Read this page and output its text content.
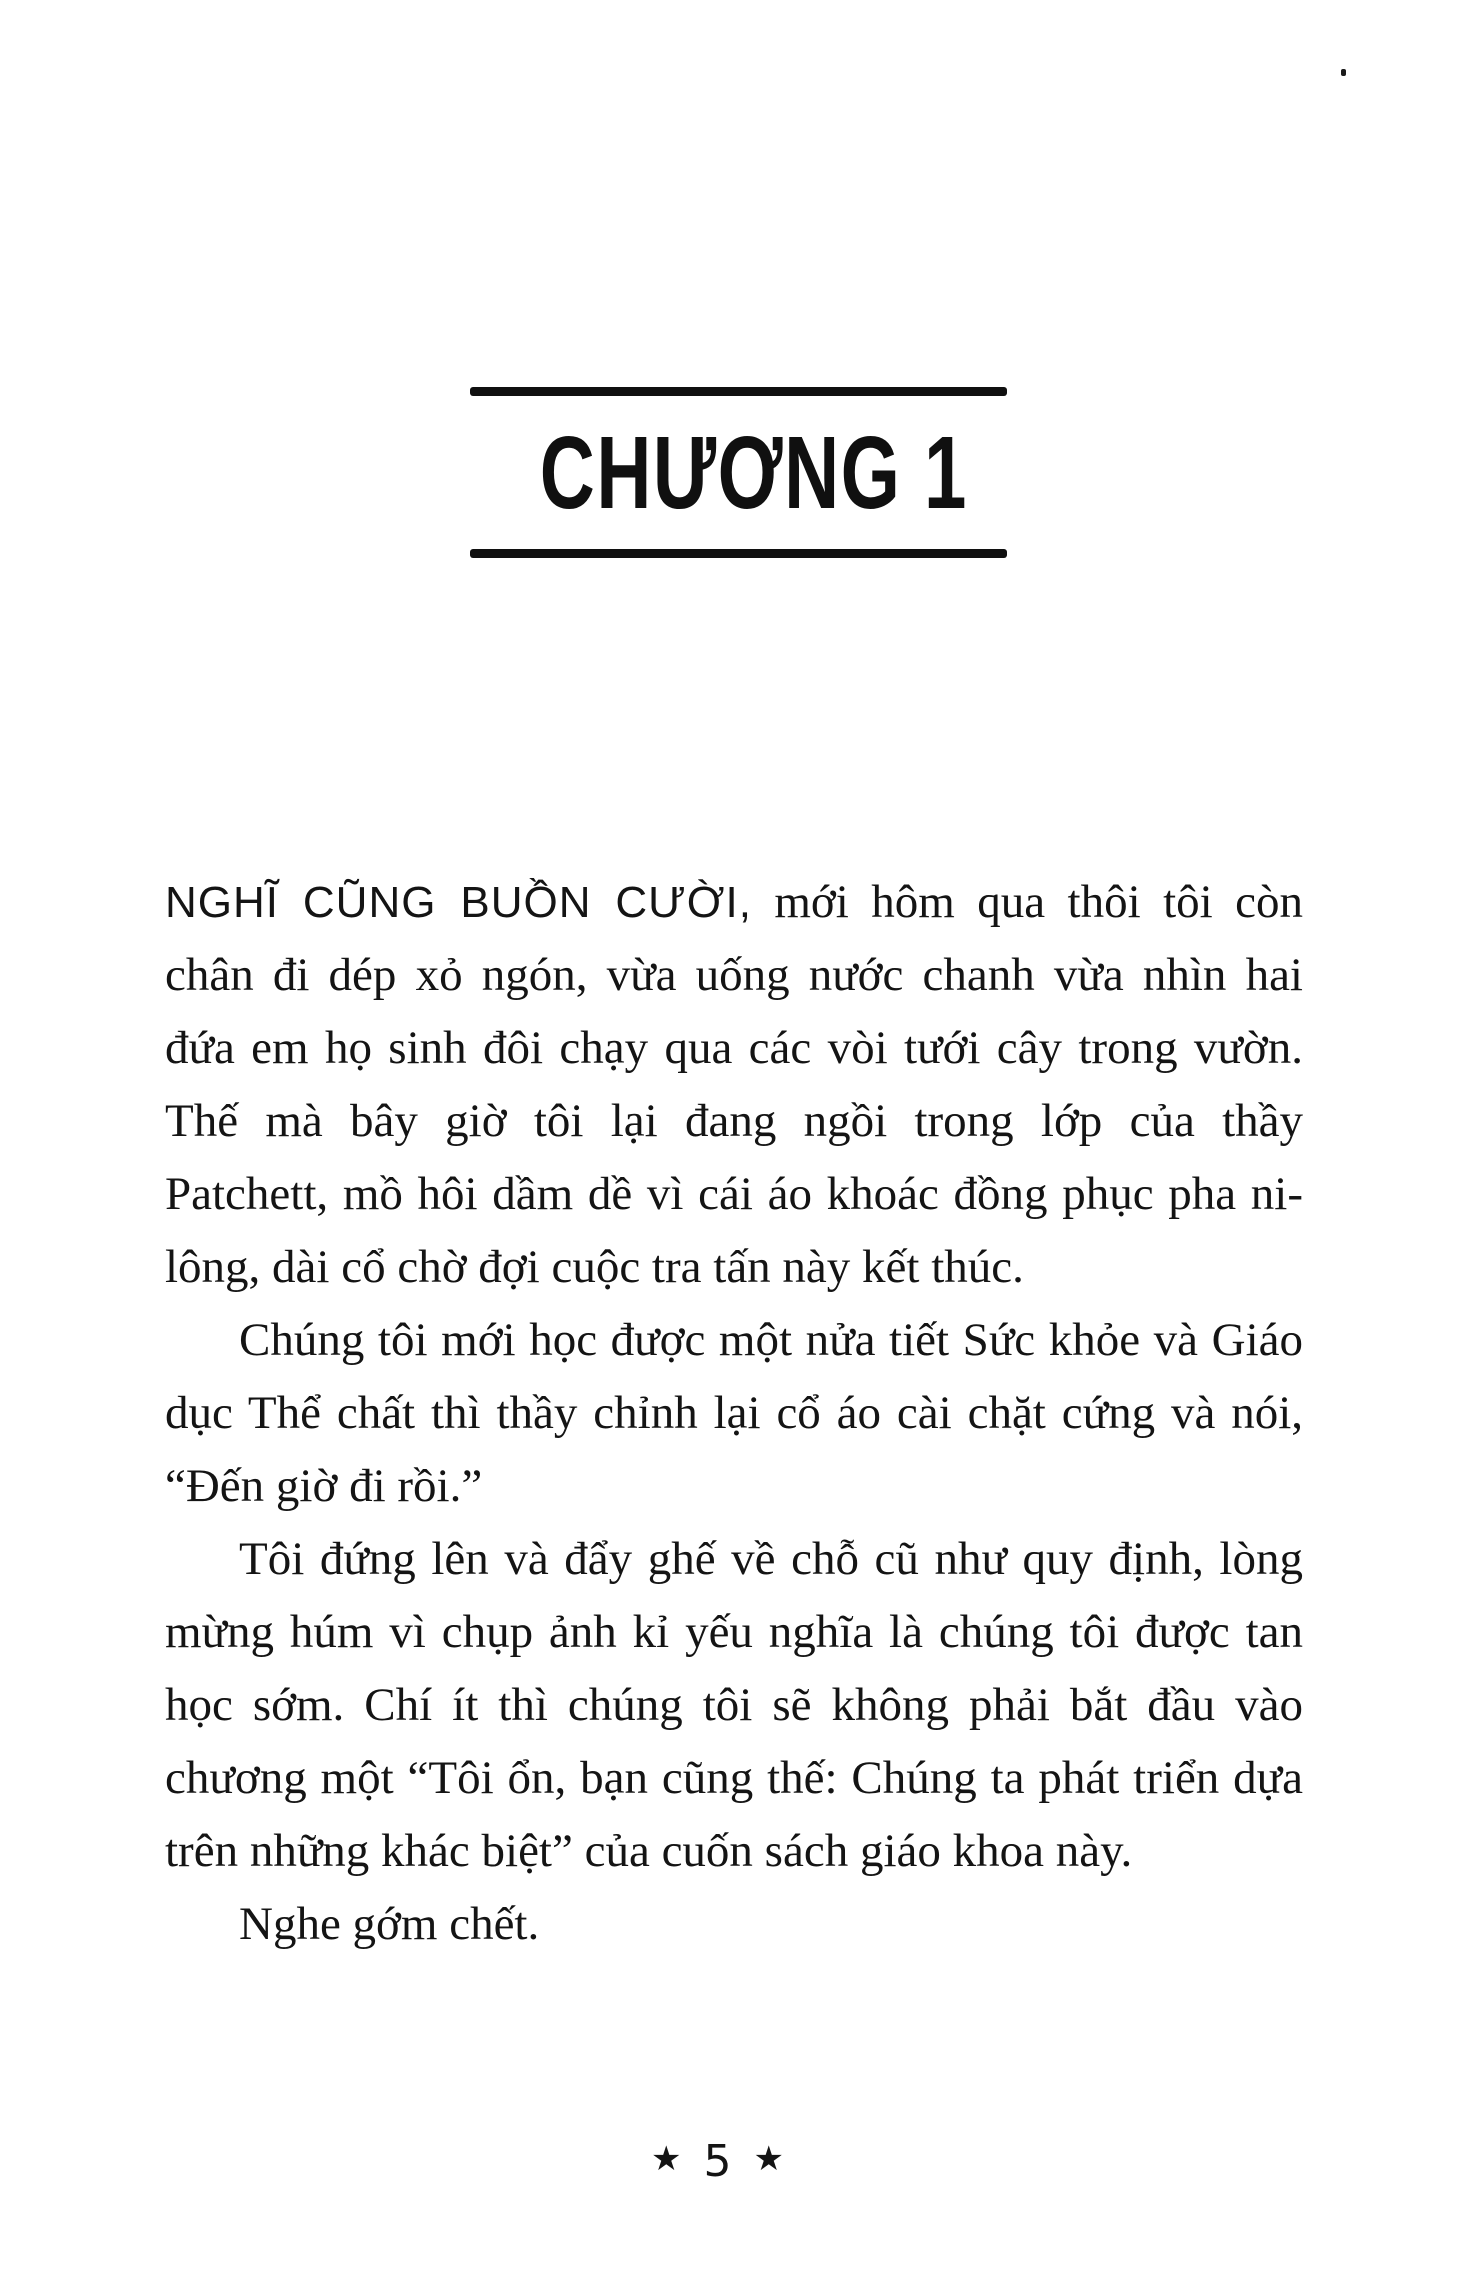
CHƯƠNG 1

NGHĨ CŨNG BUỒN CƯỜI, mới hôm qua thôi tôi còn chân đi dép xỏ ngón, vừa uống nước chanh vừa nhìn hai đứa em họ sinh đôi chạy qua các vòi tưới cây trong vườn. Thế mà bây giờ tôi lại đang ngồi trong lớp của thầy Patchett, mồ hôi dầm dề vì cái áo khoác đồng phục pha ni-lông, dài cổ chờ đợi cuộc tra tấn này kết thúc.

Chúng tôi mới học được một nửa tiết Sức khỏe và Giáo dục Thể chất thì thầy chỉnh lại cổ áo cài chặt cứng và nói, “Đến giờ đi rồi.”

Tôi đứng lên và đẩy ghế về chỗ cũ như quy định, lòng mừng húm vì chụp ảnh kỉ yếu nghĩa là chúng tôi được tan học sớm. Chí ít thì chúng tôi sẽ không phải bắt đầu vào chương một “Tôi ổn, bạn cũng thế: Chúng ta phát triển dựa trên những khác biệt” của cuốn sách giáo khoa này.

Nghe gớm chết.

★ 5 ★
